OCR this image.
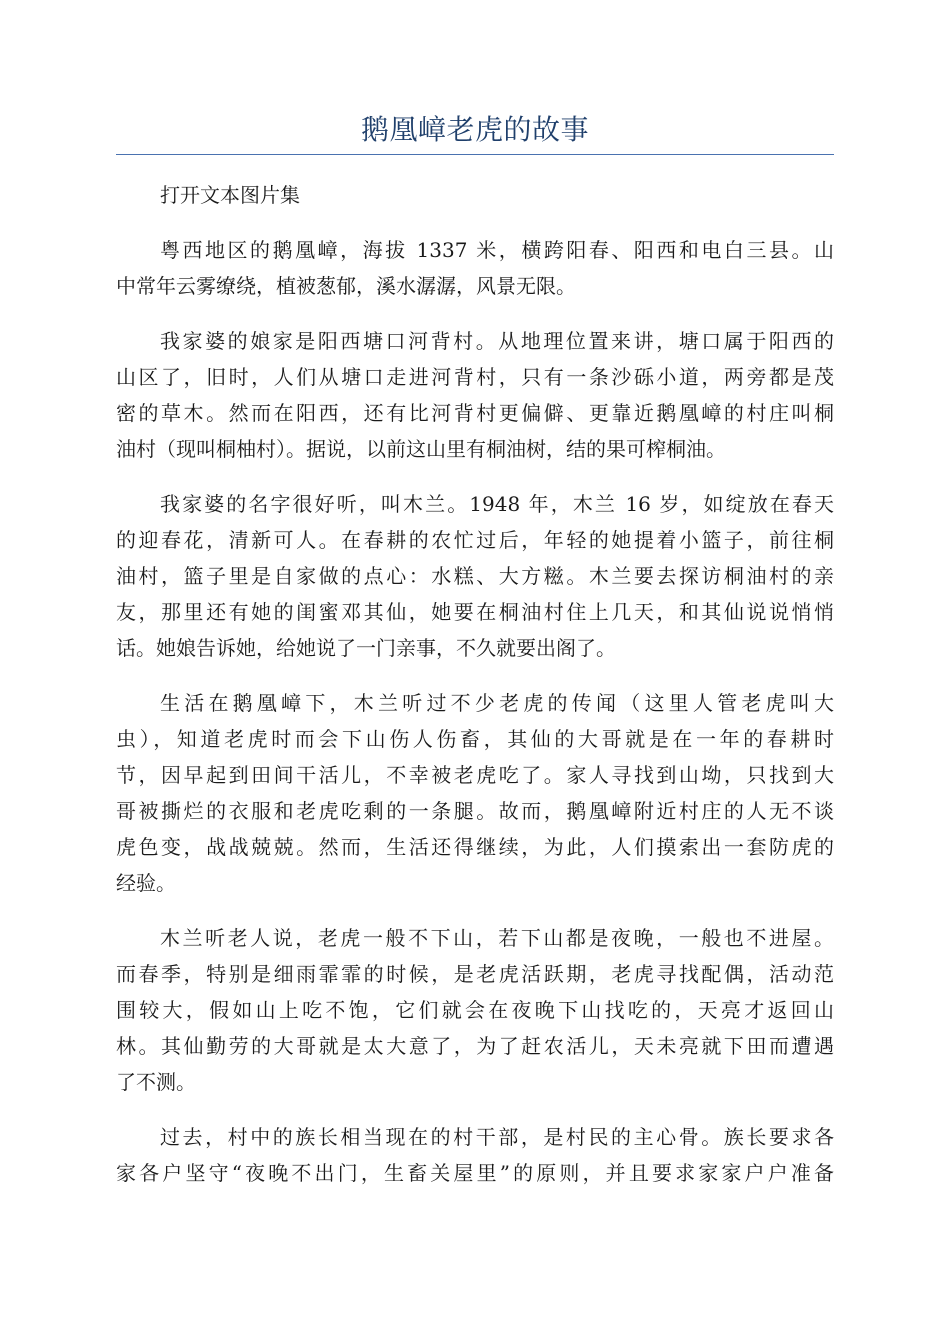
鹅凰嶂老虎的故事

打开文本图片集

粤西地区的鹅凰嶂，海拔 1337 米，横跨阳春、阳西和电白三县。山
中常年云雾缭绕，植被葱郁，溪水潺潺，风景无限。

我家婆的娘家是阳西塘口河背村。从地理位置来讲，塘口属于阳西的
山区了，旧时，人们从塘口走进河背村，只有一条沙砾小道，两旁都是茂
密的草木。然而在阳西，还有比河背村更偏僻、更靠近鹅凰嶂的村庄叫桐
油村（现叫桐柚村）。据说，以前这山里有桐油树，结的果可榨桐油。

我家婆的名字很好听，叫木兰。1948 年，木兰 16 岁，如绽放在春天
的迎春花，清新可人。在春耕的农忙过后，年轻的她提着小篮子，前往桐
油村，篮子里是自家做的点心：水糕、大方糍。木兰要去探访桐油村的亲
友，那里还有她的闺蜜邓其仙，她要在桐油村住上几天，和其仙说说悄悄
话。她娘告诉她，给她说了一门亲事，不久就要出阁了。

生活在鹅凰嶂下，木兰听过不少老虎的传闻（这里人管老虎叫大
虫），知道老虎时而会下山伤人伤畜，其仙的大哥就是在一年的春耕时
节，因早起到田间干活儿，不幸被老虎吃了。家人寻找到山坳，只找到大
哥被撕烂的衣服和老虎吃剩的一条腿。故而，鹅凰嶂附近村庄的人无不谈
虎色变，战战兢兢。然而，生活还得继续，为此，人们摸索出一套防虎的
经验。

木兰听老人说，老虎一般不下山，若下山都是夜晚，一般也不进屋。
而春季，特别是细雨霏霏的时候，是老虎活跃期，老虎寻找配偶，活动范
围较大，假如山上吃不饱，它们就会在夜晚下山找吃的，天亮才返回山
林。其仙勤劳的大哥就是太大意了，为了赶农活儿，天未亮就下田而遭遇
了不测。

过去，村中的族长相当现在的村干部，是村民的主心骨。族长要求各
家各户坚守“夜晚不出门，生畜关屋里”的原则，并且要求家家户户准备
